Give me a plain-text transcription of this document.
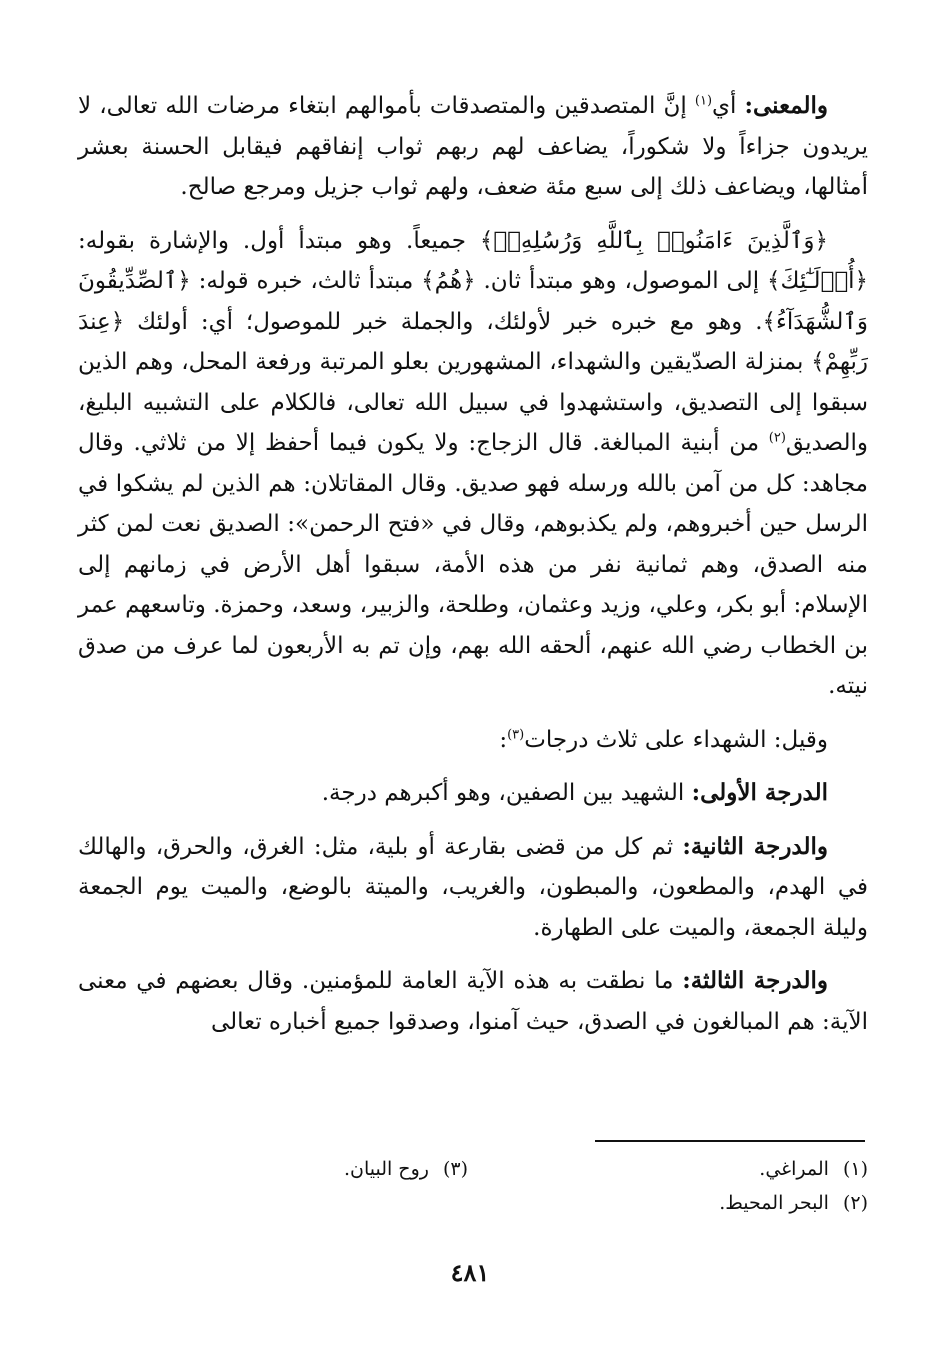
والمعنى: أي$^{(١)}$ إنَّ المتصدقين والمتصدقات بأموالهم ابتغاء مرضات الله تعالى، لا يريدون جزاءاً ولا شكوراً، يضاعف لهم ربهم ثواب إنفاقهم فيقابل الحسنة بعشر أمثالها، ويضاعف ذلك إلى سبع مئة ضعف، ولهم ثواب جزيل ومرجع صالح.

﴿وَٱلَّذِينَ ءَامَنُوا۟ بِٱللَّهِ وَرُسُلِهِۦٓ﴾ جميعاً. وهو مبتدأ أول. والإشارة بقوله: ﴿أُو۟لَـٰٓئِكَ﴾ إلى الموصول، وهو مبتدأ ثان. ﴿هُمُ﴾ مبتدأ ثالث، خبره قوله: ﴿ٱلصِّدِّيقُونَ وَٱلشُّهَدَآءُ﴾. وهو مع خبره خبر لأولئك، والجملة خبر للموصول؛ أي: أولئك ﴿عِندَ رَبِّهِمْ﴾ بمنزلة الصدّيقين والشهداء، المشهورين بعلو المرتبة ورفعة المحل، وهم الذين سبقوا إلى التصديق، واستشهدوا في سبيل الله تعالى، فالكلام على التشبيه البليغ، والصديق$^{(٢)}$ من أبنية المبالغة. قال الزجاج: ولا يكون فيما أحفظ إلا من ثلاثي. وقال مجاهد: كل من آمن بالله ورسله فهو صديق. وقال المقاتلان: هم الذين لم يشكوا في الرسل حين أخبروهم، ولم يكذبوهم، وقال في «فتح الرحمن»: الصديق نعت لمن كثر منه الصدق، وهم ثمانية نفر من هذه الأمة، سبقوا أهل الأرض في زمانهم إلى الإسلام: أبو بكر، وعلي، وزيد وعثمان، وطلحة، والزبير، وسعد، وحمزة. وتاسعهم عمر بن الخطاب رضي الله عنهم، ألحقه الله بهم، وإن تم به الأربعون لما عرف من صدق نيته.

وقيل: الشهداء على ثلاث درجات$^{(٣)}$:

الدرجة الأولى: الشهيد بين الصفين، وهو أكبرهم درجة.

والدرجة الثانية: ثم كل من قضى بقارعة أو بلية، مثل: الغرق، والحرق، والهالك في الهدم، والمطعون، والمبطون، والغريب، والميتة بالوضع، والميت يوم الجمعة وليلة الجمعة، والميت على الطهارة.

والدرجة الثالثة: ما نطقت به هذه الآية العامة للمؤمنين. وقال بعضهم في معنى الآية: هم المبالغون في الصدق، حيث آمنوا، وصدقوا جميع أخباره تعالى

(١)المراغي.
(٣)روح البيان.
(٢)البحر المحيط.
٤٨١
